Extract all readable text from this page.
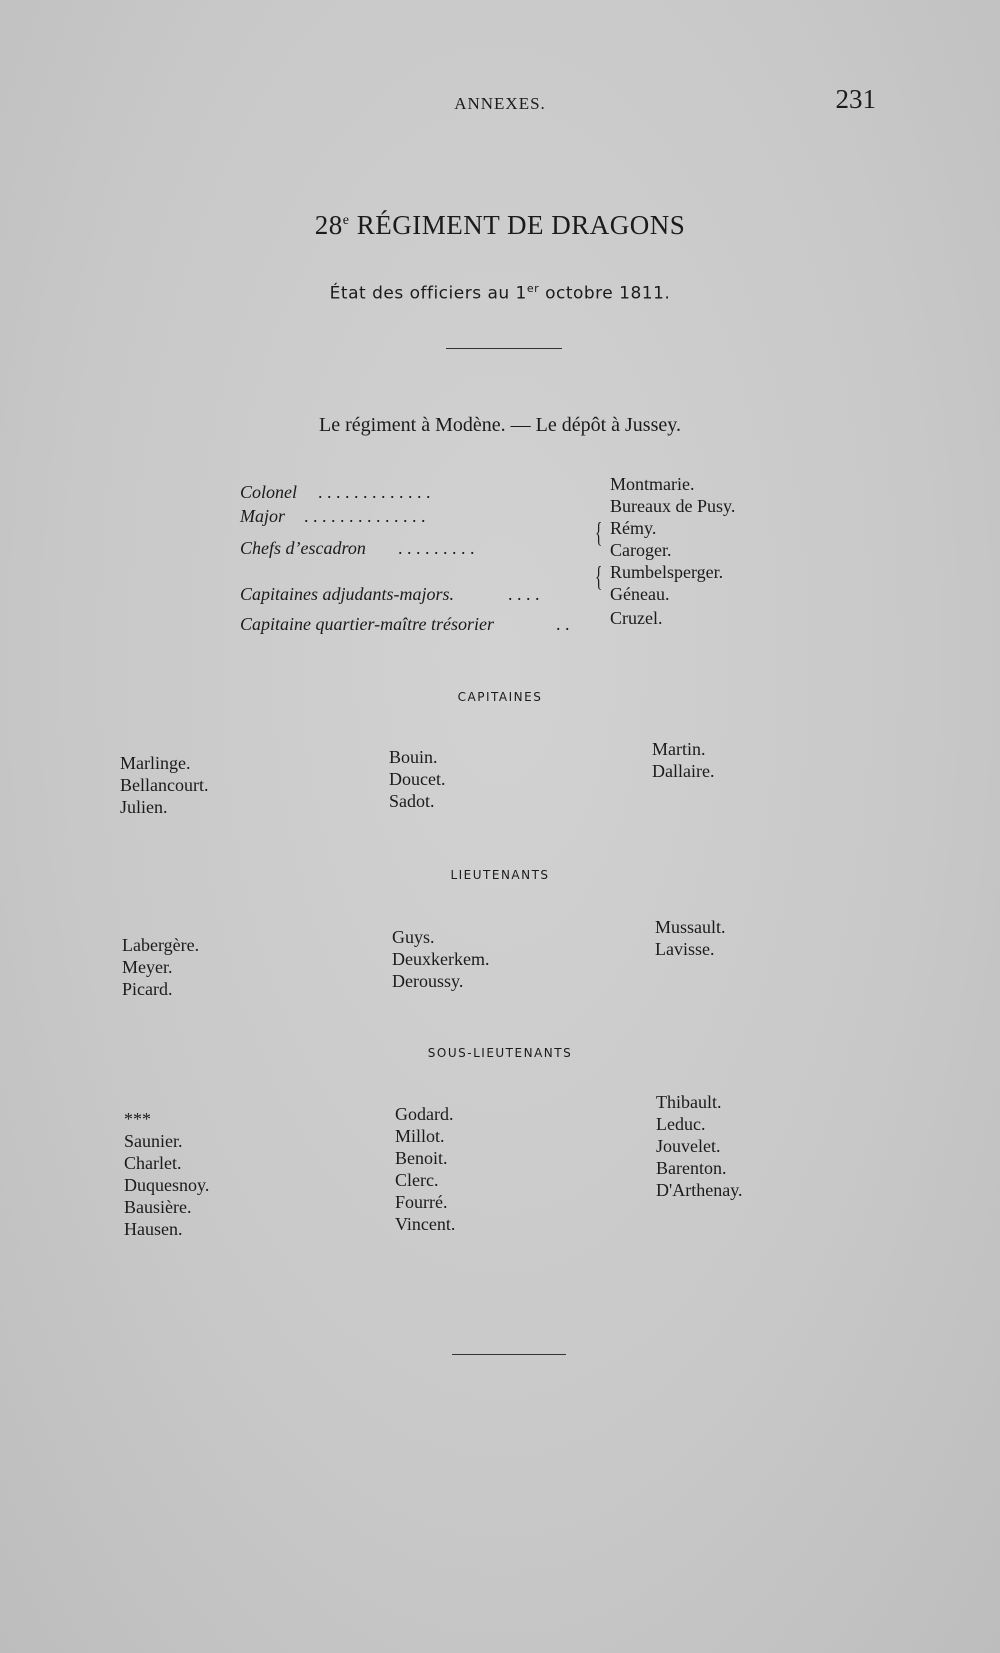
ANNEXES.	231
28e RÉGIMENT DE DRAGONS
État des officiers au 1er octobre 1811.
Le régiment à Modène. — Le dépôt à Jussey.
Colonel . . . . . . . . . . . . .	Montmarie.
Major . . . . . . . . . . . . . .	Bureaux de Pusy.
Chefs d’escadron . . . . . . . . .	{ Rémy.
Caroger.
Capitaines adjudants-majors.	. . . .
{ Rumbelsperger.
Géneau.
Capitaine quartier-maître trésorier	. . Cruzel.
CAPITAINES
Marlinge.
Bellancourt.
Julien.
Bouin.
Doucet.
Sadot.
Martin.
Dallaire.
LIEUTENANTS
Labergère.
Meyer.
Picard.
Guys.
Deuxkerkem.
Deroussy.
Mussault.
Lavisse.
SOUS-LIEUTENANTS
***
Saunier.
Charlet.
Duquesnoy.
Bausière.
Hausen.
Godard.
Millot.
Benoit.
Clerc.
Fourré.
Vincent.
Thibault.
Leduc.
Jouvelet.
Barenton.
D'Arthenay.
